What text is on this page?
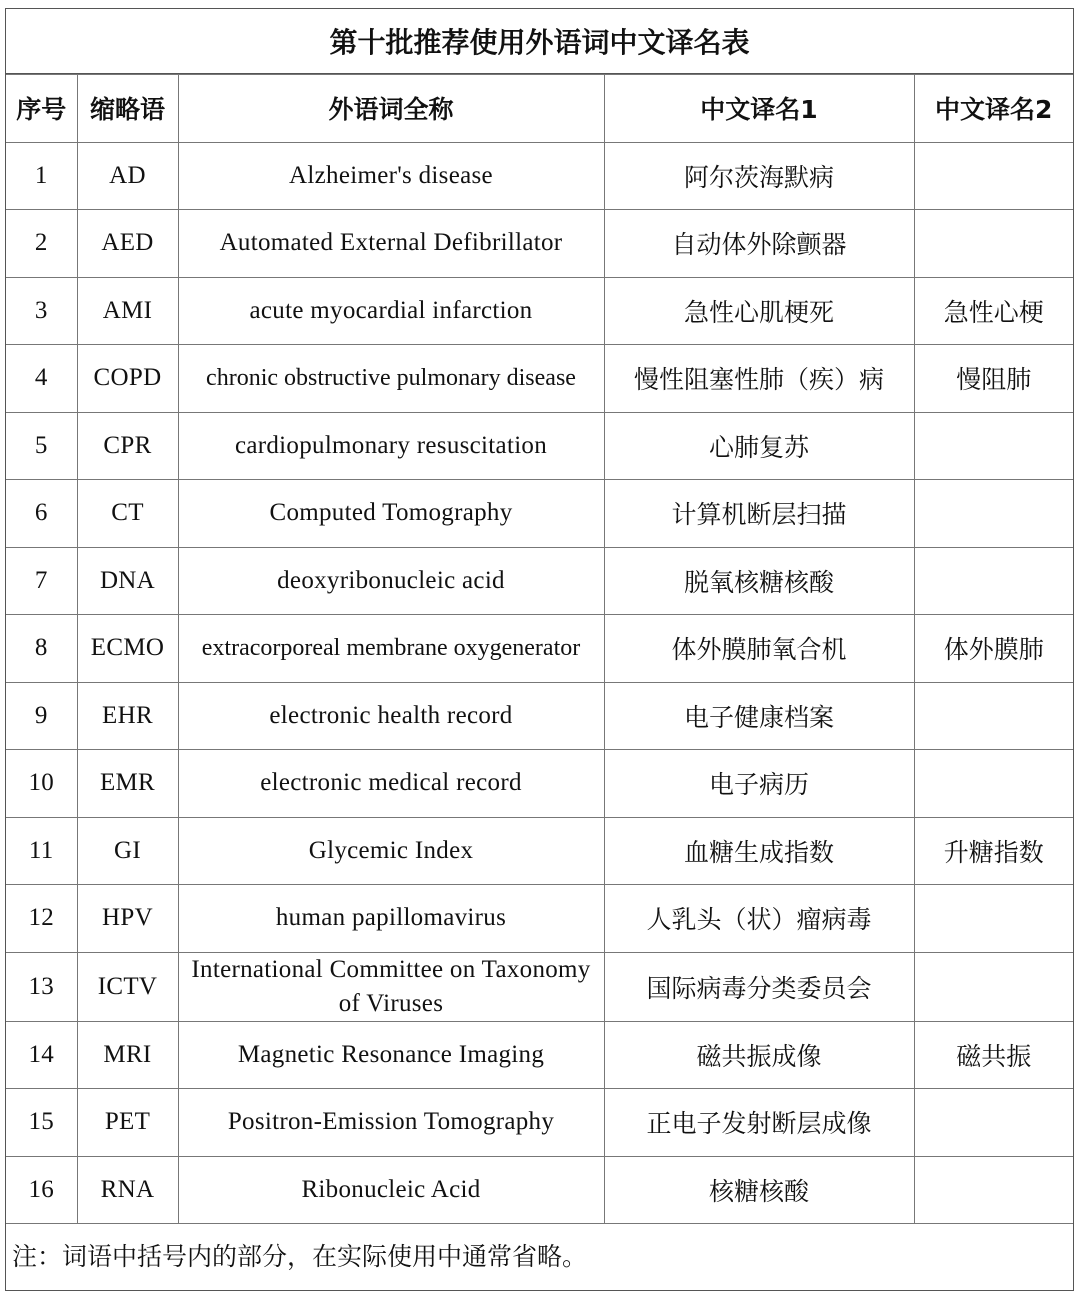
第十批推荐使用外语词中文译名表
序号	缩略语	外语词全称	中文译名1	中文译名2
1	AD	Alzheimer's disease	阿尔茨海默病	
2	AED	Automated External Defibrillator	自动体外除颤器	
3	AMI	acute myocardial infarction	急性心肌梗死	急性心梗
4	COPD	chronic obstructive pulmonary disease	慢性阻塞性肺（疾）病	慢阻肺
5	CPR	cardiopulmonary resuscitation	心肺复苏	
6	CT	Computed Tomography	计算机断层扫描	
7	DNA	deoxyribonucleic acid	脱氧核糖核酸	
8	ECMO	extracorporeal membrane oxygenerator	体外膜肺氧合机	体外膜肺
9	EHR	electronic health record	电子健康档案	
10	EMR	electronic medical record	电子病历	
11	GI	Glycemic Index	血糖生成指数	升糖指数
12	HPV	human papillomavirus	人乳头（状）瘤病毒	
13	ICTV	International Committee on Taxonomy of Viruses	国际病毒分类委员会	
14	MRI	Magnetic Resonance Imaging	磁共振成像	磁共振
15	PET	Positron-Emission Tomography	正电子发射断层成像	
16	RNA	Ribonucleic Acid	核糖核酸	
注：词语中括号内的部分，在实际使用中通常省略。
